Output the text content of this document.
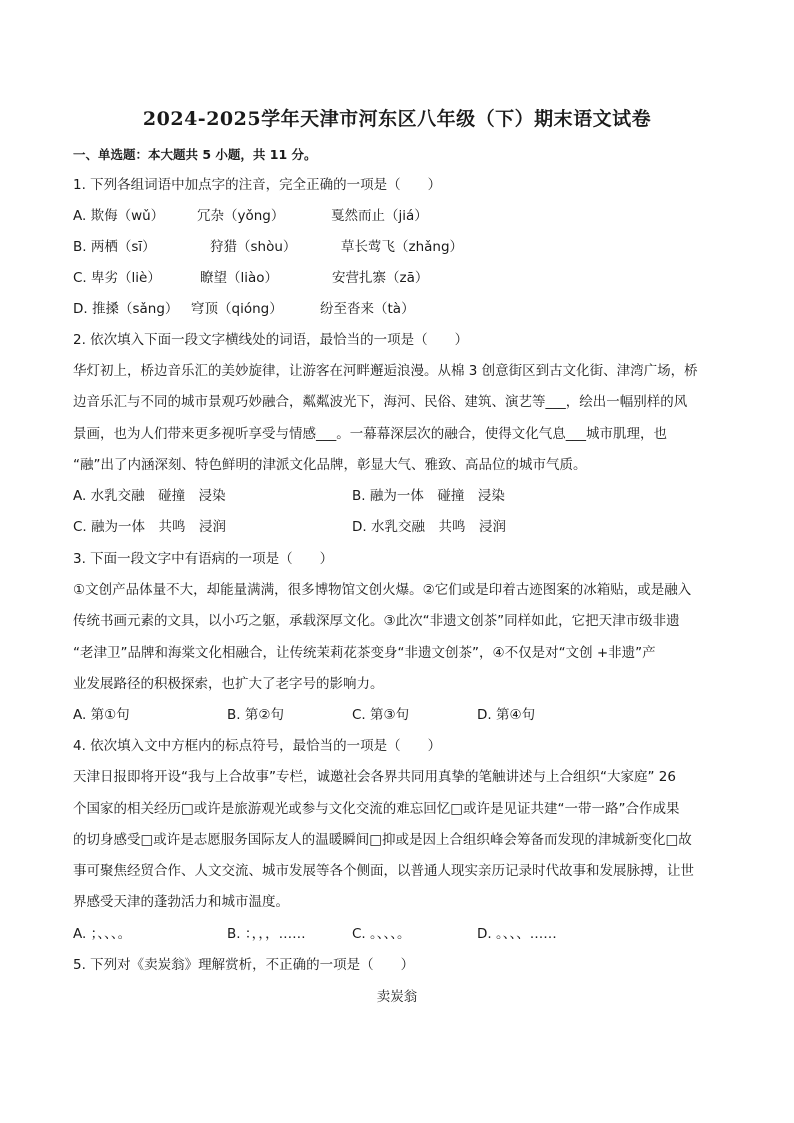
2024-2025学年天津市河东区八年级（下）期末语文试卷
一、单选题：本大题共 5 小题，共 11 分。
1. 下列各组词语中加点字的注音，完全正确的一项是（　　）
A. 欺侮（wǔ） 冗杂（yǒng）	戛然而止（jiá）
B. 两栖（sī）	狩猎（shòu）	草长莺飞（zhǎng）
C. 卑劣（liè）	瞭望（liào）	安营扎寨（zā）
D. 推搡（sǎng） 穹顶（qióng）	纷至沓来（tà）
2. 依次填入下面一段文字横线处的词语，最恰当的一项是（　　）
华灯初上，桥边音乐汇的美妙旋律，让游客在河畔邂逅浪漫。从棉 3 创意街区到古文化街、津湾广场，桥
边音乐汇与不同的城市景观巧妙融合，粼粼波光下，海河、民俗、建筑、演艺等___，绘出一幅别样的风
景画，也为人们带来更多视听享受与情感___。一幕幕深层次的融合，使得文化气息___城市肌理，也
“融”出了内涵深刻、特色鲜明的津派文化品牌，彰显大气、雅致、高品位的城市气质。
A. 水乳交融　碰撞　浸染	B. 融为一体　碰撞　浸染
C. 融为一体　共鸣　浸润	D. 水乳交融　共鸣　浸润
3. 下面一段文字中有语病的一项是（　　）
①文创产品体量不大，却能量满满，很多博物馆文创火爆。②它们或是印着古迹图案的冰箱贴，或是融入
传统书画元素的文具，以小巧之躯，承载深厚文化。③此次“非遗文创茶”同样如此，它把天津市级非遗
“老津卫”品牌和海棠文化相融合，让传统茉莉花茶变身“非遗文创茶”，④不仅是对“文创 +非遗”产
业发展路径的积极探索，也扩大了老字号的影响力。
A. 第①句	B. 第②句	C. 第③句	D. 第④句
4. 依次填入文中方框内的标点符号，最恰当的一项是（　　）
天津日报即将开设“我与上合故事”专栏，诚邀社会各界共同用真挚的笔触讲述与上合组织“大家庭” 26
个国家的相关经历□或许是旅游观光或参与文化交流的难忘回忆□或许是见证共建“一带一路”合作成果
的切身感受□或许是志愿服务国际友人的温暖瞬间□抑或是因上合组织峰会筹备而发现的津城新变化□故
事可聚焦经贸合作、人文交流、城市发展等各个侧面，以普通人现实亲历记录时代故事和发展脉搏，让世
界感受天津的蓬勃活力和城市温度。
A. ；、、、。	B. ：，，，……	C. 。、、、。	D. 。、、、……
5. 下列对《卖炭翁》理解赏析，不正确的一项是（　　）
卖炭翁
